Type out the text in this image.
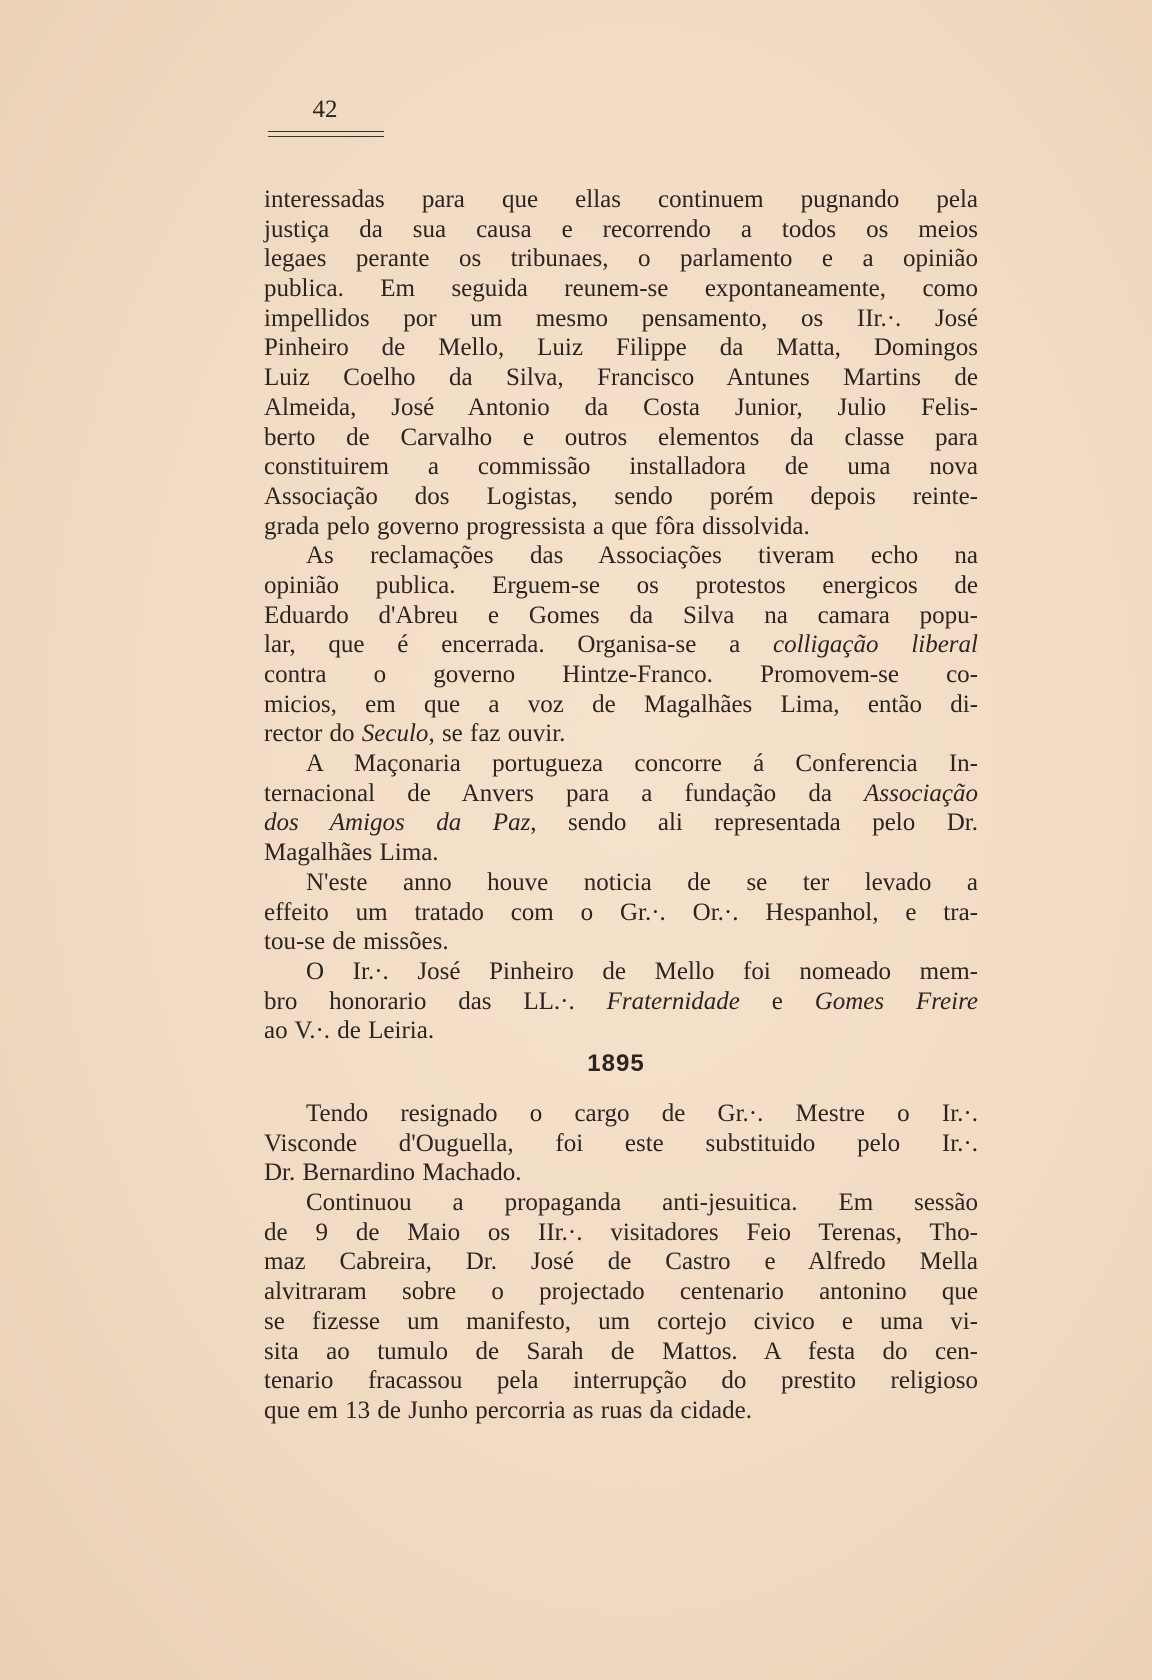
42
interessadas para que ellas continuem pugnando pela
justiça da sua causa e recorrendo a todos os meios
legaes perante os tribunaes, o parlamento e a opinião
publica. Em seguida reunem-se expontaneamente, como
impellidos por um mesmo pensamento, os IIr.·. José
Pinheiro de Mello, Luiz Filippe da Matta, Domingos
Luiz Coelho da Silva, Francisco Antunes Martins de
Almeida, José Antonio da Costa Junior, Julio Felis-
berto de Carvalho e outros elementos da classe para
constituirem a commissão installadora de uma nova
Associação dos Logistas, sendo porém depois reinte-
grada pelo governo progressista a que fôra dissolvida.
As reclamações das Associações tiveram echo na
opinião publica. Erguem-se os protestos energicos de
Eduardo d'Abreu e Gomes da Silva na camara popu-
lar, que é encerrada. Organisa-se a colligação liberal
contra o governo Hintze-Franco. Promovem-se co-
micios, em que a voz de Magalhães Lima, então di-
rector do Seculo, se faz ouvir.
A Maçonaria portugueza concorre á Conferencia In-
ternacional de Anvers para a fundação da Associação
dos Amigos da Paz, sendo ali representada pelo Dr.
Magalhães Lima.
N'este anno houve noticia de se ter levado a
effeito um tratado com o Gr.·. Or.·. Hespanhol, e tra-
tou-se de missões.
O Ir.·. José Pinheiro de Mello foi nomeado mem-
bro honorario das LL.·. Fraternidade e Gomes Freire
ao V.·. de Leiria.
1895
Tendo resignado o cargo de Gr.·. Mestre o Ir.·.
Visconde d'Ouguella, foi este substituido pelo Ir.·.
Dr. Bernardino Machado.
Continuou a propaganda anti-jesuitica. Em sessão
de 9 de Maio os IIr.·. visitadores Feio Terenas, Tho-
maz Cabreira, Dr. José de Castro e Alfredo Mella
alvitraram sobre o projectado centenario antonino que
se fizesse um manifesto, um cortejo civico e uma vi-
sita ao tumulo de Sarah de Mattos. A festa do cen-
tenario fracassou pela interrupção do prestito religioso
que em 13 de Junho percorria as ruas da cidade.
